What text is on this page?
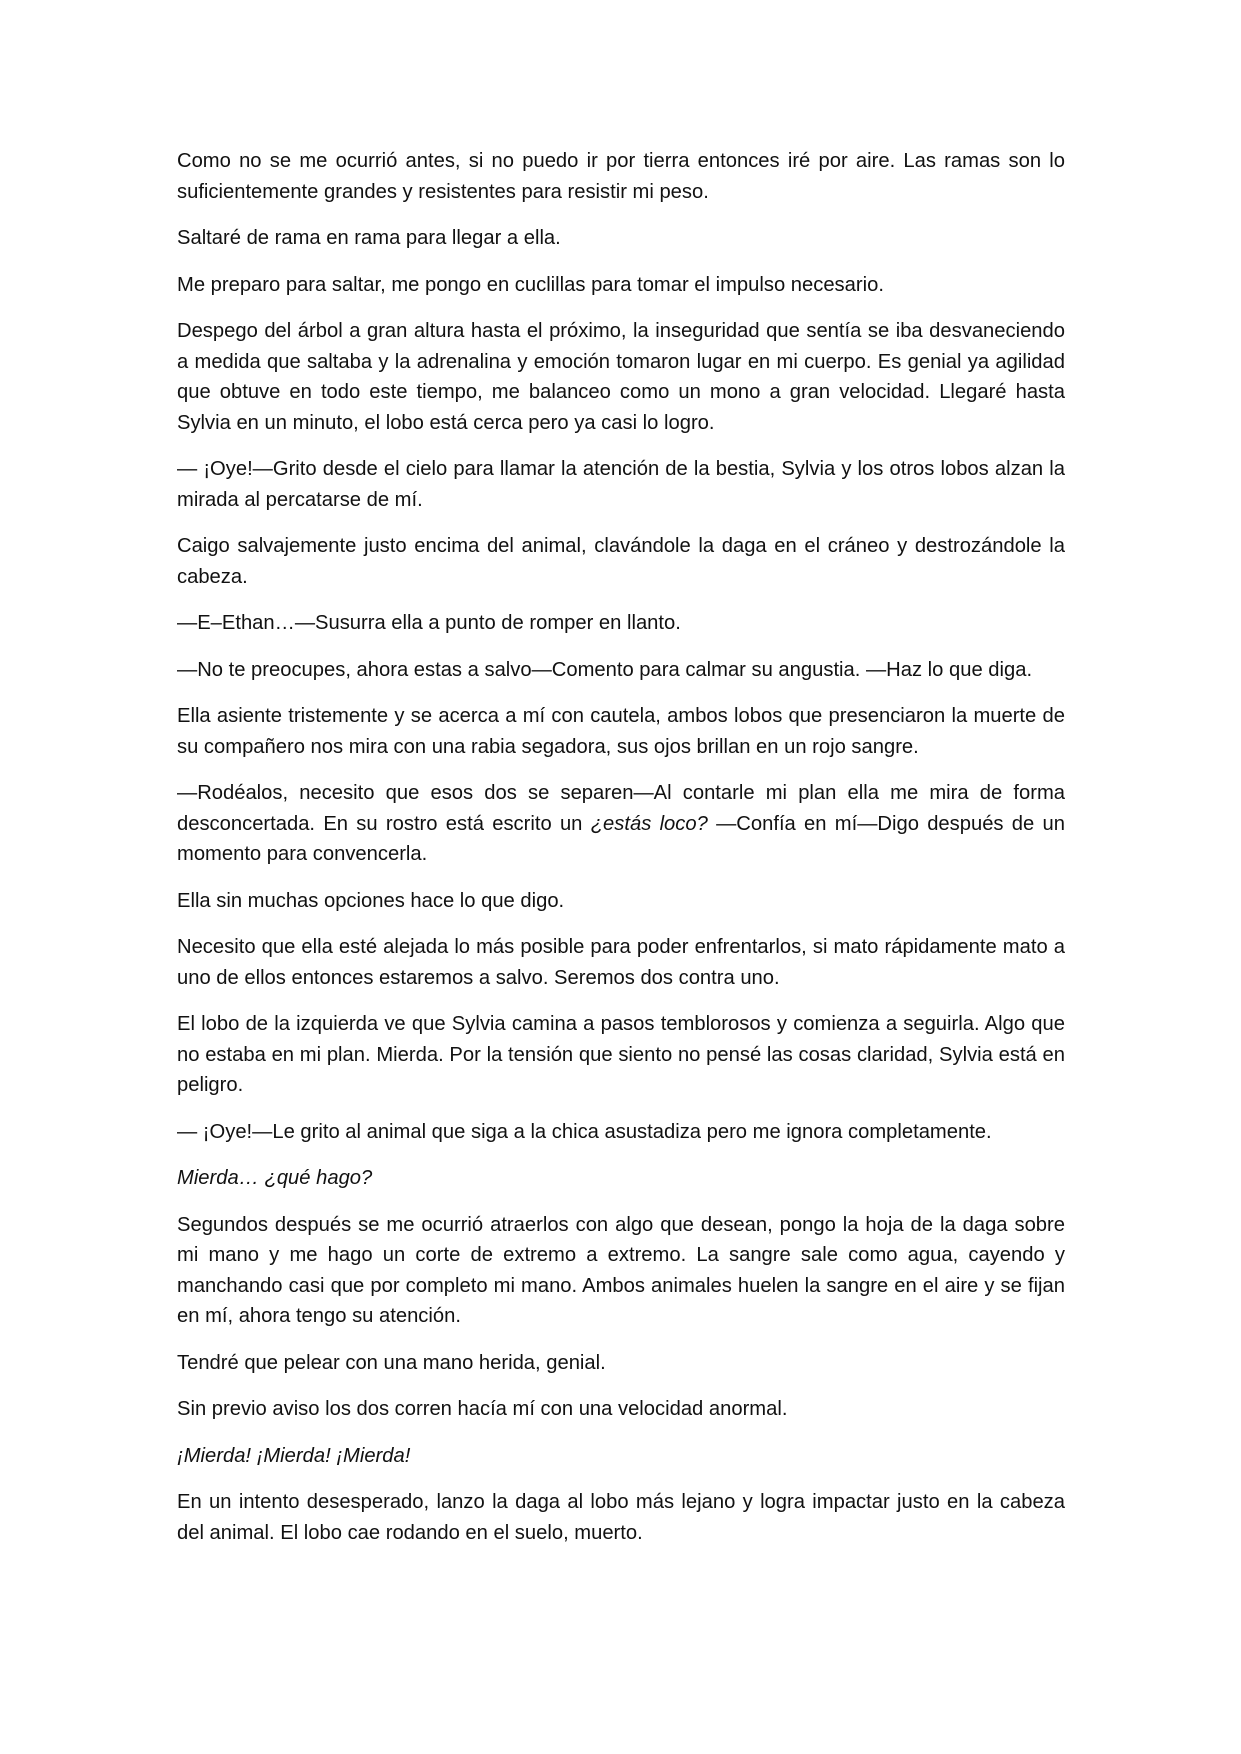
Como no se me ocurrió antes, si no puedo ir por tierra entonces iré por aire. Las ramas son lo suficientemente grandes y resistentes para resistir mi peso.

Saltaré de rama en rama para llegar a ella.

Me preparo para saltar, me pongo en cuclillas para tomar el impulso necesario.

Despego del árbol a gran altura hasta el próximo, la inseguridad que sentía se iba desvaneciendo a medida que saltaba y la adrenalina y emoción tomaron lugar en mi cuerpo. Es genial ya agilidad que obtuve en todo este tiempo, me balanceo como un mono a gran velocidad. Llegaré hasta Sylvia en un minuto, el lobo está cerca pero ya casi lo logro.

— ¡Oye!—Grito desde el cielo para llamar la atención de la bestia, Sylvia y los otros lobos alzan la mirada al percatarse de mí.

Caigo salvajemente justo encima del animal, clavándole la daga en el cráneo y destrozándole la cabeza.

—E–Ethan…—Susurra ella a punto de romper en llanto.

—No te preocupes, ahora estas a salvo—Comento para calmar su angustia. —Haz lo que diga.

Ella asiente tristemente y se acerca a mí con cautela, ambos lobos que presenciaron la muerte de su compañero nos mira con una rabia segadora, sus ojos brillan en un rojo sangre.

—Rodéalos, necesito que esos dos se separen—Al contarle mi plan ella me mira de forma desconcertada. En su rostro está escrito un ¿estás loco? —Confía en mí—Digo después de un momento para convencerla.

Ella sin muchas opciones hace lo que digo.

Necesito que ella esté alejada lo más posible para poder enfrentarlos, si mato rápidamente mato a uno de ellos entonces estaremos a salvo. Seremos dos contra uno.

El lobo de la izquierda ve que Sylvia camina a pasos temblorosos y comienza a seguirla. Algo que no estaba en mi plan. Mierda. Por la tensión que siento no pensé las cosas claridad, Sylvia está en peligro.

— ¡Oye!—Le grito al animal que siga a la chica asustadiza pero me ignora completamente.

Mierda… ¿qué hago?

Segundos después se me ocurrió atraerlos con algo que desean, pongo la hoja de la daga sobre mi mano y me hago un corte de extremo a extremo. La sangre sale como agua, cayendo y manchando casi que por completo mi mano. Ambos animales huelen la sangre en el aire y se fijan en mí, ahora tengo su atención.

Tendré que pelear con una mano herida, genial.

Sin previo aviso los dos corren hacía mí con una velocidad anormal.

¡Mierda! ¡Mierda! ¡Mierda!

En un intento desesperado, lanzo la daga al lobo más lejano y logra impactar justo en la cabeza del animal. El lobo cae rodando en el suelo, muerto.
